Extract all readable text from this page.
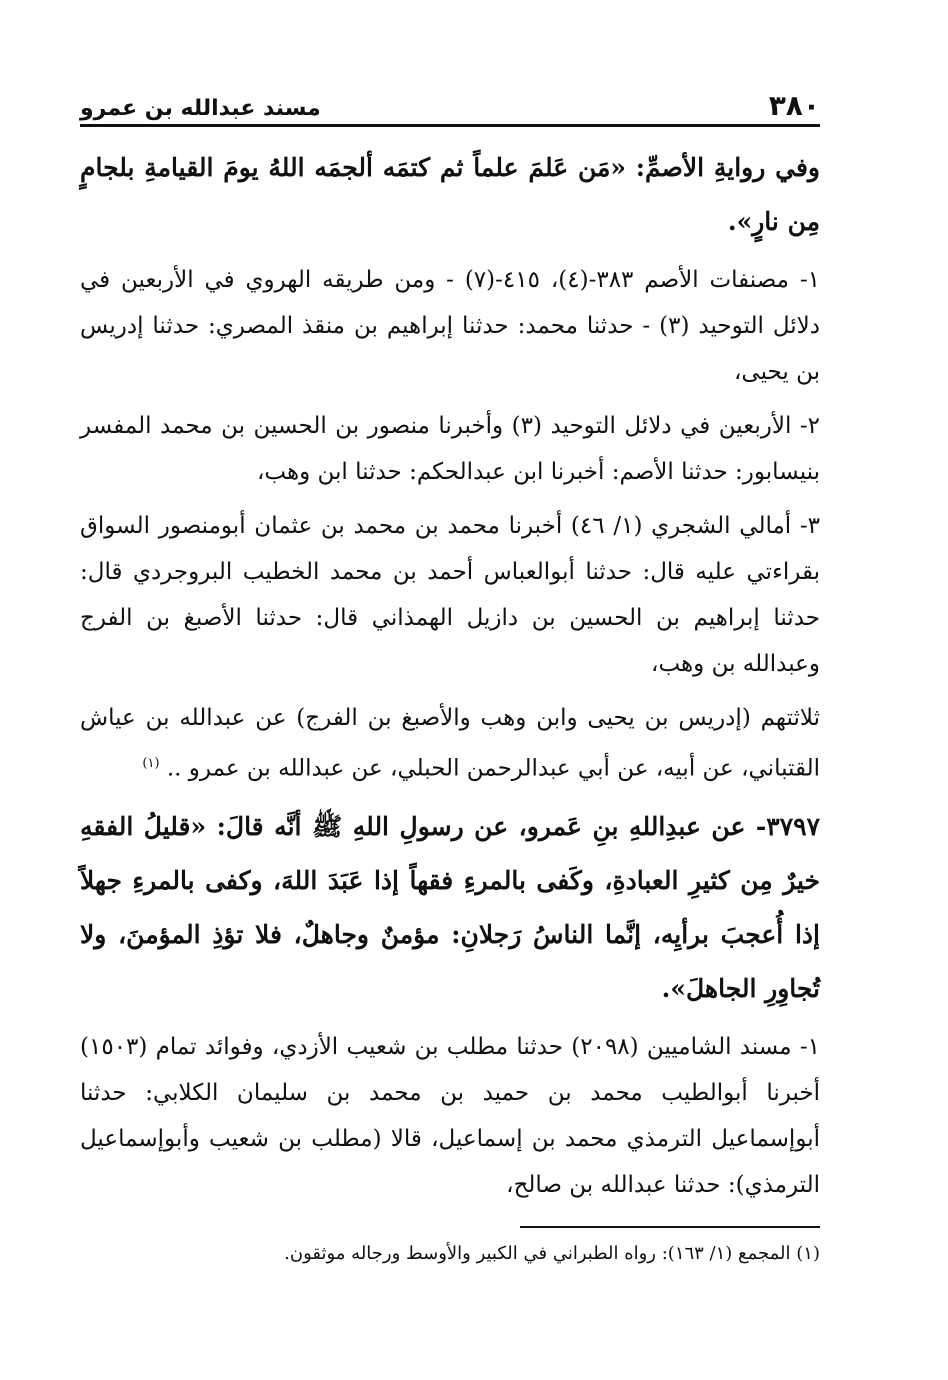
٣٨٠
مسند عبدالله بن عمرو

وفي روايةِ الأصمِّ: «مَن عَلمَ علماً ثم كتمَه ألجمَه اللهُ يومَ القيامةِ بلجامٍ مِن نارٍ».

١- مصنفات الأصم ٣٨٣-(٤)، ٤١٥-(٧) - ومن طريقه الهروي في الأربعين في دلائل التوحيد (٣) - حدثنا محمد: حدثنا إبراهيم بن منقذ المصري: حدثنا إدريس بن يحيى،

٢- الأربعين في دلائل التوحيد (٣) وأخبرنا منصور بن الحسين بن محمد المفسر بنيسابور: حدثنا الأصم: أخبرنا ابن عبدالحكم: حدثنا ابن وهب،

٣- أمالي الشجري (١/ ٤٦) أخبرنا محمد بن محمد بن عثمان أبومنصور السواق بقراءتي عليه قال: حدثنا أبوالعباس أحمد بن محمد الخطيب البروجردي قال: حدثنا إبراهيم بن الحسين بن دازيل الهمذاني قال: حدثنا الأصبغ بن الفرج وعبدالله بن وهب،

ثلاثتهم (إدريس بن يحيى وابن وهب والأصبغ بن الفرج) عن عبدالله بن عياش القتباني، عن أبيه، عن أبي عبدالرحمن الحبلي، عن عبدالله بن عمرو .. $^{(١)}$

٣٧٩٧- عن عبدِاللهِ بنِ عَمرو، عن رسولِ اللهِ ﷺ أنَّه قالَ: «قليلُ الفقهِ خيرٌ مِن كثيرِ العبادةِ، وكَفى بالمرءِ فقهاً إذا عَبَدَ اللهَ، وكفى بالمرءِ جهلاً إذا أُعجبَ برأيِه، إنَّما الناسُ رَجلانِ: مؤمنٌ وجاهلٌ، فلا تؤذِ المؤمنَ، ولا تُجاوِرِ الجاهلَ».

١- مسند الشاميين (٢٠٩٨) حدثنا مطلب بن شعيب الأزدي، وفوائد تمام (١٥٠٣) أخبرنا أبوالطيب محمد بن حميد بن محمد بن سليمان الكلابي: حدثنا أبوإسماعيل الترمذي محمد بن إسماعيل، قالا (مطلب بن شعيب وأبوإسماعيل الترمذي): حدثنا عبدالله بن صالح،

(١) المجمع (١/ ١٦٣): رواه الطبراني في الكبير والأوسط ورجاله موثقون.
